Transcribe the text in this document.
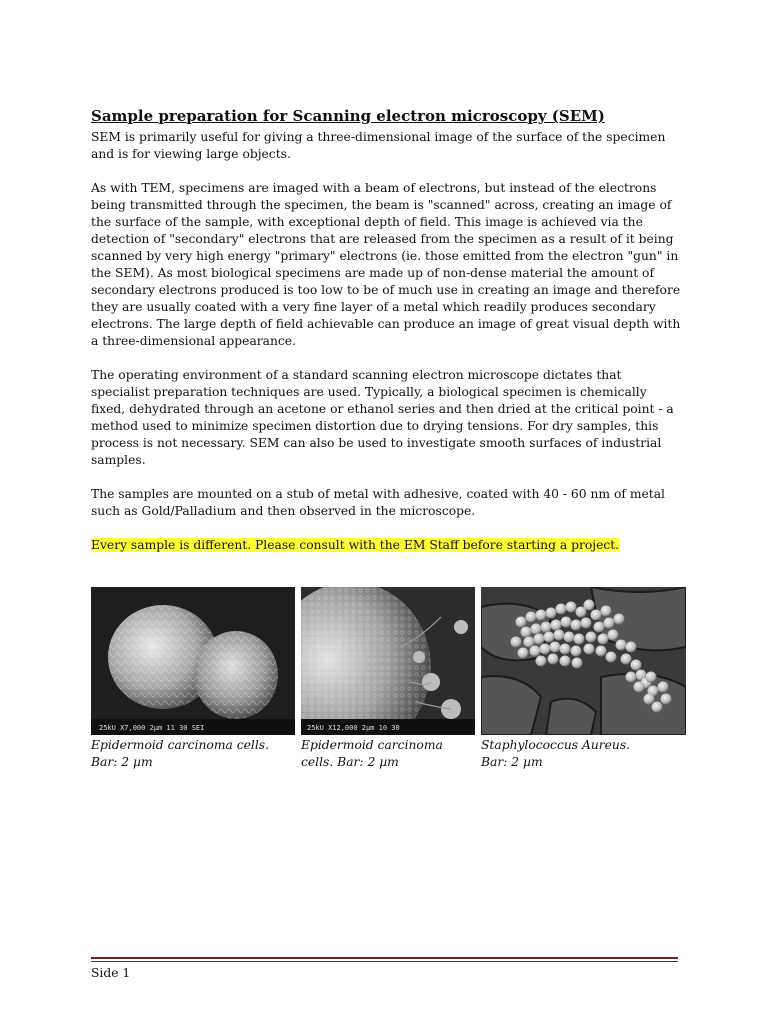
Sample preparation for Scanning electron microscopy (SEM)

SEM is primarily useful for giving a three-dimensional image of the surface of the specimen and is for viewing large objects.

As with TEM, specimens are imaged with a beam of electrons, but instead of the electrons being transmitted through the specimen, the beam is "scanned" across, creating an image of the surface of the sample, with exceptional depth of field. This image is achieved via the detection of "secondary" electrons that are released from the specimen as a result of it being scanned by very high energy "primary" electrons (ie. those emitted from the electron "gun" in the SEM). As most biological specimens are made up of non-dense material the amount of secondary electrons produced is too low to be of much use in creating an image and therefore they are usually coated with a very fine layer of a metal which readily produces secondary electrons. The large depth of field achievable can produce an image of great visual depth with a three-dimensional appearance.

The operating environment of a standard scanning electron microscope dictates that specialist preparation techniques are used. Typically, a biological specimen is chemically fixed, dehydrated through an acetone or ethanol series and then dried at the critical point - a method used to minimize specimen distortion due to drying tensions. For dry samples, this process is not necessary. SEM can also be used to investigate smooth surfaces of industrial samples.

The samples are mounted on a stub of metal with adhesive, coated with 40 - 60 nm of metal such as Gold/Palladium and then observed in the microscope.

Every sample is different. Please consult with the EM Staff before starting a project.

25kU X7,000 2µm 11 30 SEI
Epidermoid carcinoma cells.
Bar: 2 µm
25kU X12,000 2µm 10 30
Epidermoid carcinoma
cells. Bar: 2 µm
Staphylococcus Aureus.
Bar: 2 µm
Side 1
